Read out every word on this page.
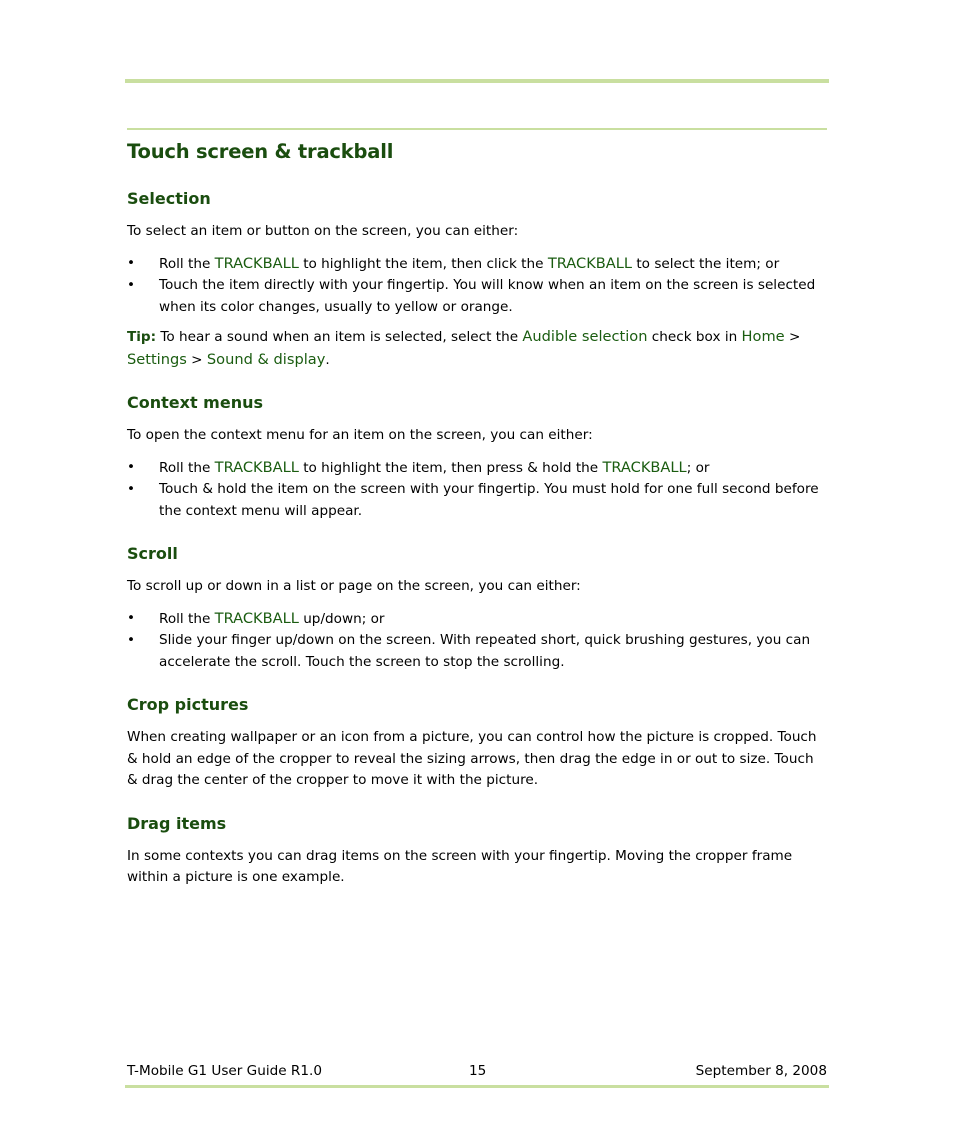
Touch screen & trackball
Selection

To select an item or button on the screen, you can either:

• Roll the TRACKBALL to highlight the item, then click the TRACKBALL to select the item; or
• Touch the item directly with your fingertip. You will know when an item on the screen is selected when its color changes, usually to yellow or orange.

Tip: To hear a sound when an item is selected, select the Audible selection check box in Home > Settings > Sound & display.

Context menus

To open the context menu for an item on the screen, you can either:

• Roll the TRACKBALL to highlight the item, then press & hold the TRACKBALL; or
• Touch & hold the item on the screen with your fingertip. You must hold for one full second before the context menu will appear.
Scroll

To scroll up or down in a list or page on the screen, you can either:

• Roll the TRACKBALL up/down; or
• Slide your finger up/down on the screen. With repeated short, quick brushing gestures, you can accelerate the scroll. Touch the screen to stop the scrolling.
Crop pictures

When creating wallpaper or an icon from a picture, you can control how the picture is cropped. Touch & hold an edge of the cropper to reveal the sizing arrows, then drag the edge in or out to size. Touch & drag the center of the cropper to move it with the picture.

Drag items

In some contexts you can drag items on the screen with your fingertip. Moving the cropper frame within a picture is one example.

T-Mobile G1 User Guide R1.0	15	September 8, 2008
